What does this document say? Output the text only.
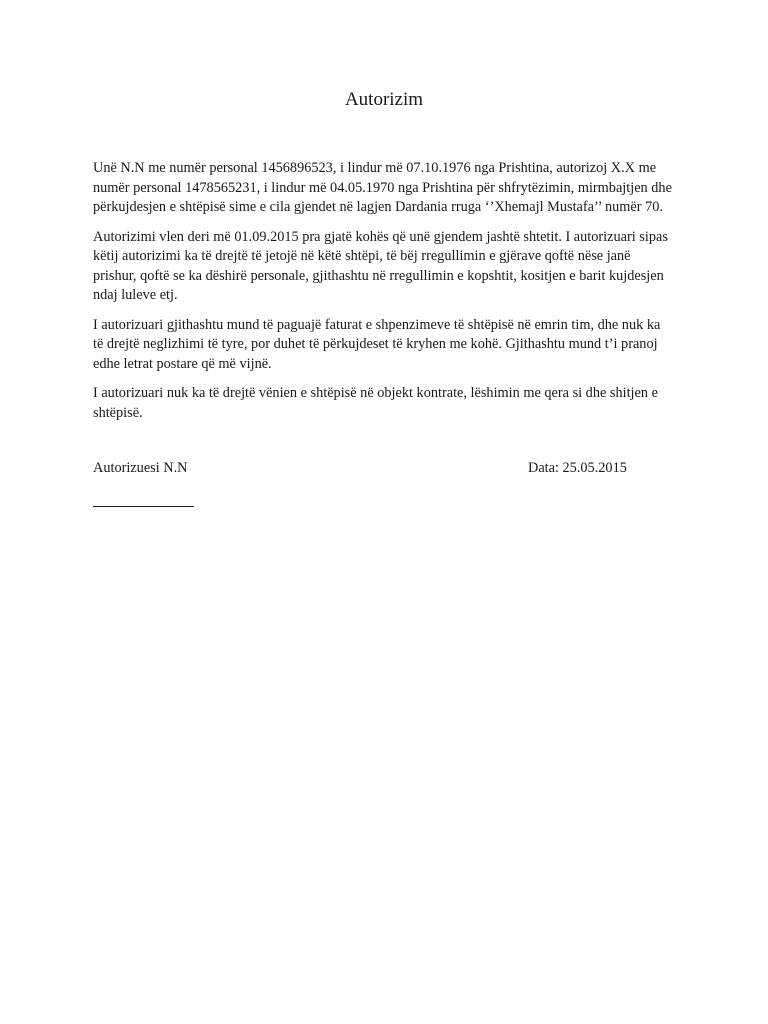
Autorizim

Unë N.N me numër personal 1456896523, i lindur më 07.10.1976 nga Prishtina, autorizoj X.X me numër personal 1478565231, i lindur më 04.05.1970 nga Prishtina për shfrytëzimin, mirmbajtjen dhe përkujdesjen e shtëpisë sime e cila gjendet në lagjen Dardania rruga ‘’Xhemajl Mustafa’’ numër 70.

Autorizimi vlen deri më 01.09.2015 pra gjatë kohës që unë gjendem jashtë shtetit. I autorizuari sipas këtij autorizimi ka të drejtë të jetojë në këtë shtëpi, të bëj rregullimin e gjërave qoftë nëse janë prishur, qoftë se ka dëshirë personale, gjithashtu në rregullimin e kopshtit, kositjen e barit kujdesjen ndaj luleve etj.

I autorizuari gjithashtu mund të paguajë faturat e shpenzimeve të shtëpisë në emrin tim, dhe nuk ka të drejtë neglizhimi të tyre, por duhet të përkujdeset të kryhen me kohë. Gjithashtu mund t’i pranoj edhe letrat postare që më vijnë.

I autorizuari nuk ka të drejtë vënien e shtëpisë në objekt kontrate, lëshimin me qera si dhe shitjen e shtëpisë.

Autorizuesi N.N	Data: 25.05.2015
